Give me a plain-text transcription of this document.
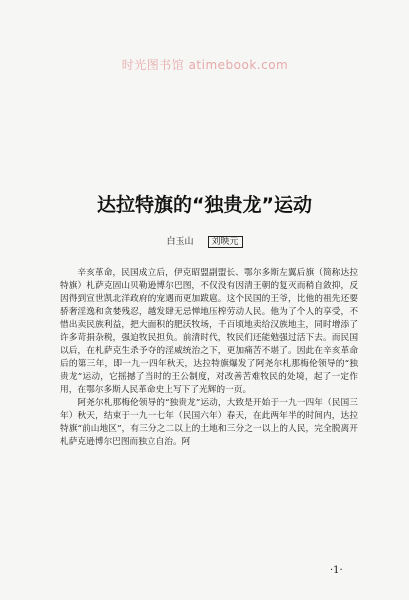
时光图书馆 atimebook.com
达拉特旗的“独贵龙”运动
白玉山 刘映元

辛亥革命，民国成立后，伊克昭盟副盟长、鄂尔多斯左翼后旗（简称达拉特旗）札萨克固山贝勒逊博尔巴图，不仅没有因清王朝的复灭而稍自敛抑，反因得到宣世凯北洋政府的宠遇而更加跋扈。这个民国的王爷，比他的祖先还要骄奢淫逸和贪婪残忍，越发肆无忌惮地压榨劳动人民。他为了个人的享受，不惜出卖民族利益，把大面积的肥沃牧场，千百顷地卖给汉族地主，同时增添了许多苛捐杂税，强迫牧民担负。前清时代，牧民们还能勉强过活下去。而民国以后，在札萨克生杀予夺的淫威统治之下，更加痛苦不堪了。因此在辛亥革命后的第三年，即一九一四年秋天，达拉特旗爆发了阿尧尔札那梅伦领导的“独贵龙”运动，它摇撼了当时的王公制度，对改善苦难牧民的处境，起了一定作用，在鄂尔多斯人民革命史上写下了光辉的一页。

阿尧尔札那梅伦领导的“独贵龙”运动，大致是开始于一九一四年（民国三年）秋天，结束于一九一七年（民国六年）春天，在此两年半的时间内，达拉特旗“前山地区”，有三分之二以上的土地和三分之一以上的人民，完全脱离开札萨克逊博尔巴图而独立自治。阿

·1·
